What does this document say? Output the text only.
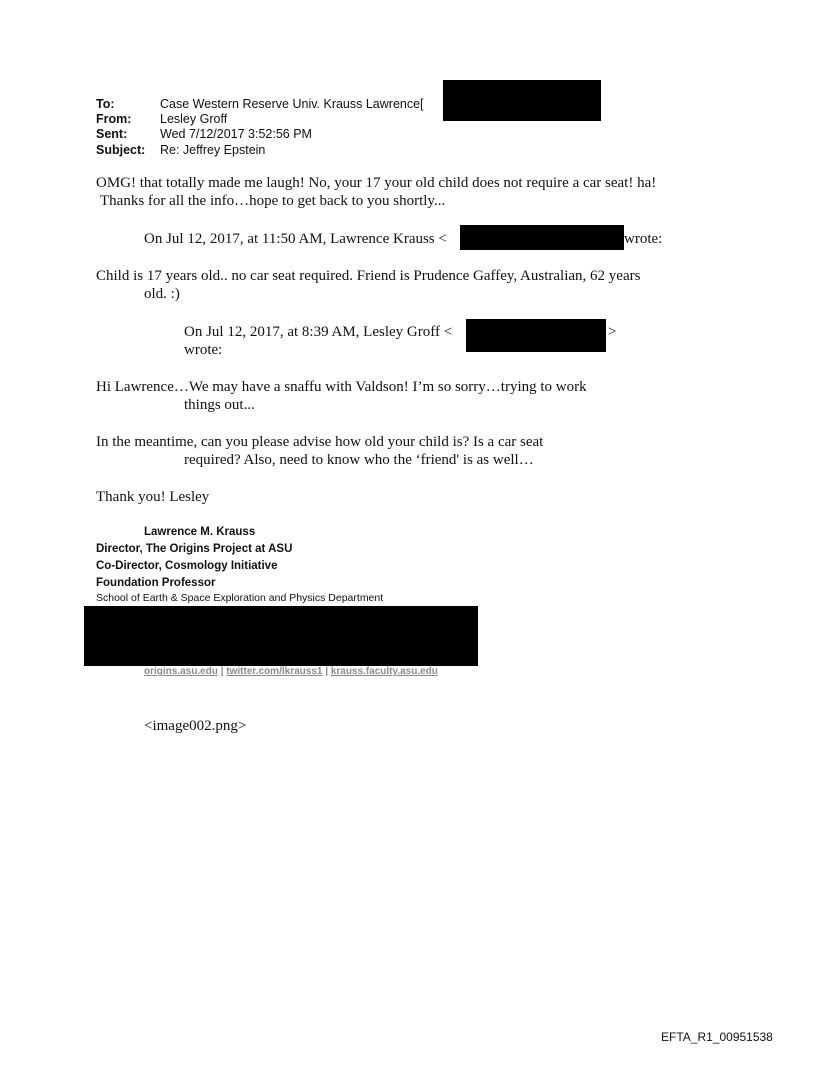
To:	Case Western Reserve Univ. Krauss Lawrence[
From: Lesley Groff
Sent:	Wed 7/12/2017 3:52:56 PM
Subject: Re: Jeffrey Epstein
OMG! that totally made me laugh! No, your 17 your old child does not require a car seat! ha!
Thanks for all the info…hope to get back to you shortly...
On Jul 12, 2017, at 11:50 AM, Lawrence Krauss <	wrote:
Child is 17 years old.. no car seat required. Friend is Prudence Gaffey, Australian, 62 years
old. :)
On Jul 12, 2017, at 8:39 AM, Lesley Groff <	>
wrote:
Hi Lawrence…We may have a snaffu with Valdson! I’m so sorry…trying to work
things out...
In the meantime, can you please advise how old your child is? Is a car seat
required? Also, need to know who the ‘friend' is as well…
Thank you! Lesley
Lawrence M. Krauss
Director, The Origins Project at ASU
Co-Director, Cosmology Initiative
Foundation Professor
School of Earth & Space Exploration and Physics Department
origins.asu.edu | twitter.com/lkrauss1 | krauss.faculty.asu.edu
<image002.png>
EFTA_R1_00951538
